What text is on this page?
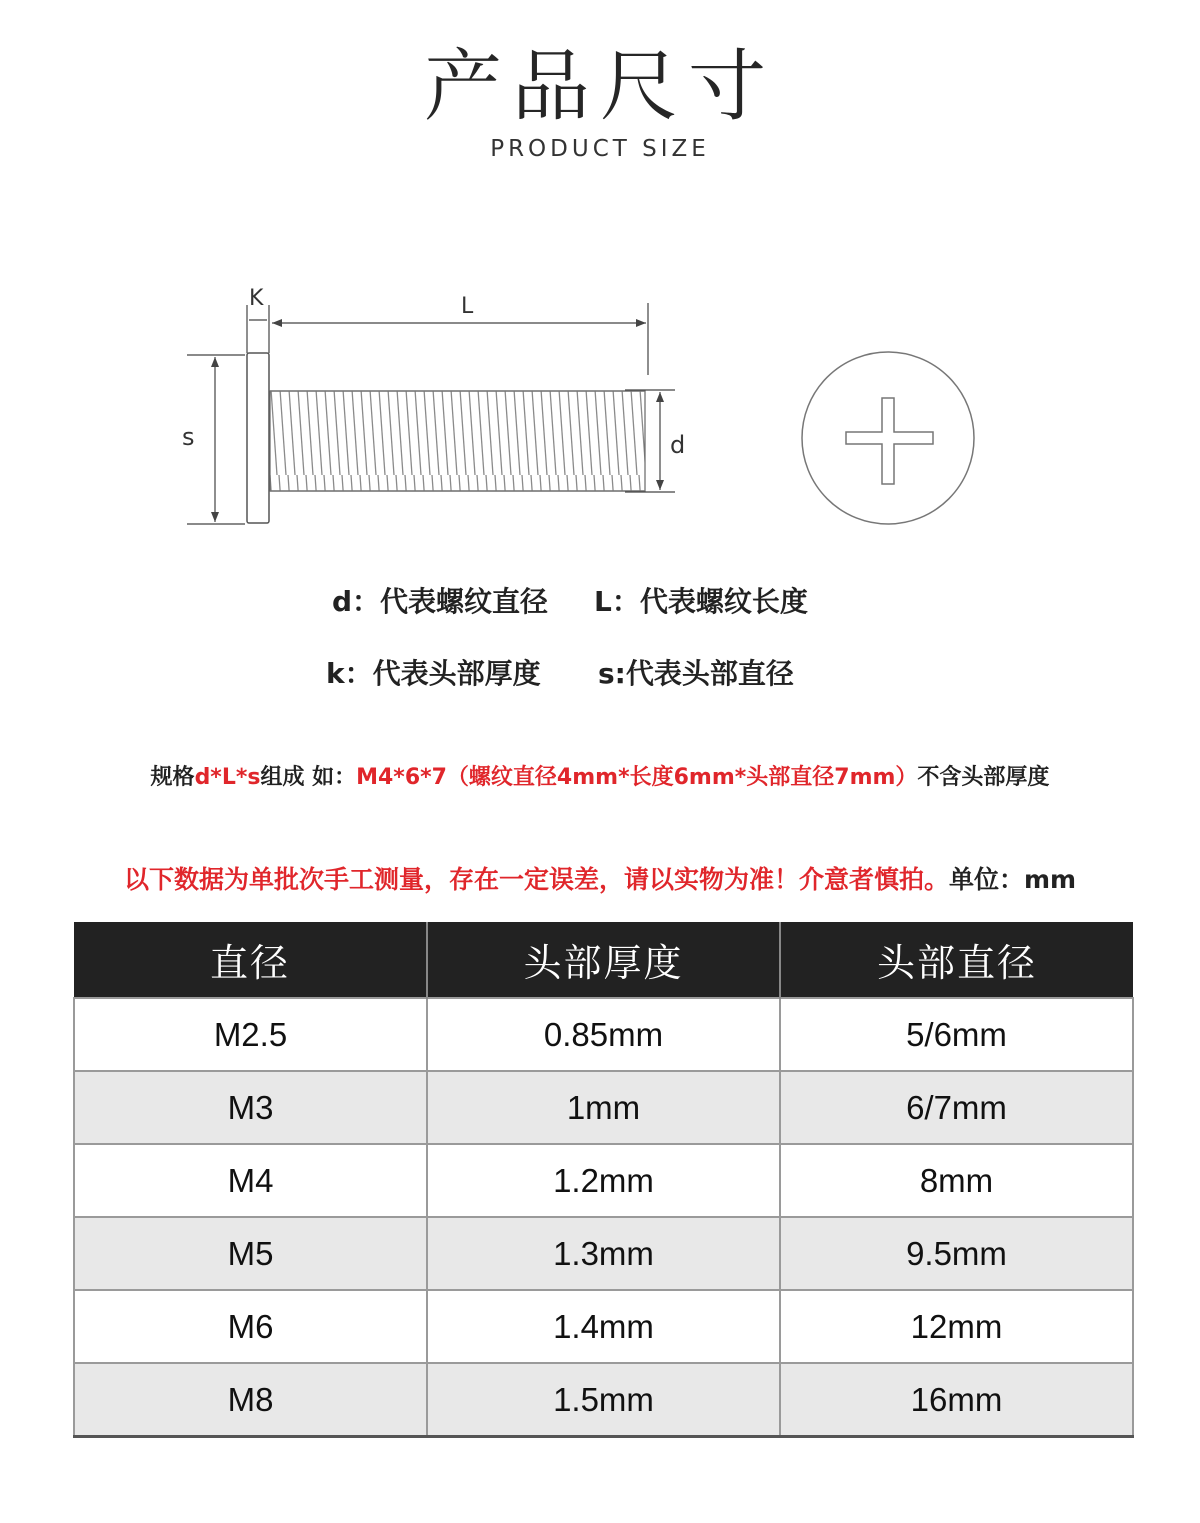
产品尺寸
PRODUCT SIZE
K	L
s	d
d：代表螺纹直径 L：代表螺纹长度
k：代表头部厚度 s:代表头部直径
规格d*L*s组成 如：M4*6*7（螺纹直径4mm*长度6mm*头部直径7mm）不含头部厚度
以下数据为单批次手工测量，存在一定误差，请以实物为准！介意者慎拍。单位：mm
直径	头部厚度	头部直径
M2.5	0.85mm	5/6mm
M3	1mm	6/7mm
M4	1.2mm	8mm
M5	1.3mm	9.5mm
M6	1.4mm	12mm
M8	1.5mm	16mm
